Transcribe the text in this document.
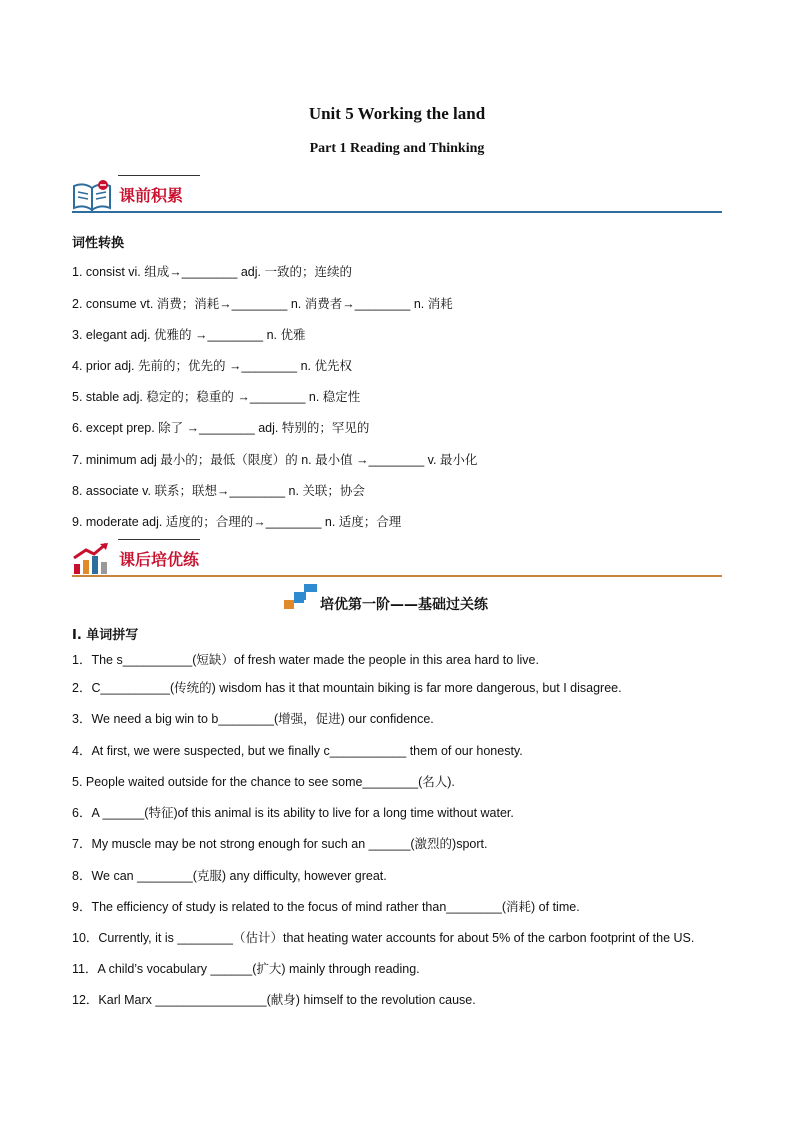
Unit 5 Working the land
Part 1 Reading and Thinking
课前积累
词性转换
1. consist vi. 组成→________ adj. 一致的；连续的
2. consume vt. 消费；消耗→________ n. 消费者→________ n. 消耗
3. elegant adj. 优雅的 →________ n. 优雅
4. prior adj. 先前的；优先的 →________ n. 优先权
5. stable adj. 稳定的；稳重的 →________ n. 稳定性
6. except prep. 除了 →________ adj. 特别的；罕见的
7. minimum adj 最小的；最低（限度）的 n. 最小值 →________ v. 最小化
8. associate v. 联系；联想→________ n. 关联；协会
9. moderate adj. 适度的；合理的→________ n. 适度；合理
课后培优练
培优第一阶——基础过关练
I. 单词拼写
1．The s__________(短缺）of fresh water made the people in this area hard to live.
2．C__________(传统的) wisdom has it that mountain biking is far more dangerous, but I disagree.
3．We need a big win to b________(增强，促进) our confidence.
4．At first, we were suspected, but we finally c___________ them of our honesty.
5. People waited outside for the chance to see some________(名人).
6．A ______(特征)of this animal is its ability to live for a long time without water.
7．My muscle may be not strong enough for such an ______(激烈的)sport.
8．We can ________(克服) any difficulty, however great.
9．The efficiency of study is related to the focus of mind rather than________(消耗) of time.
10．Currently, it is ________（估计）that heating water accounts for about 5% of the carbon footprint of the US.
11．A child’s vocabulary ______(扩大) mainly through reading.
12．Karl Marx ________________(献身) himself to the revolution cause.
